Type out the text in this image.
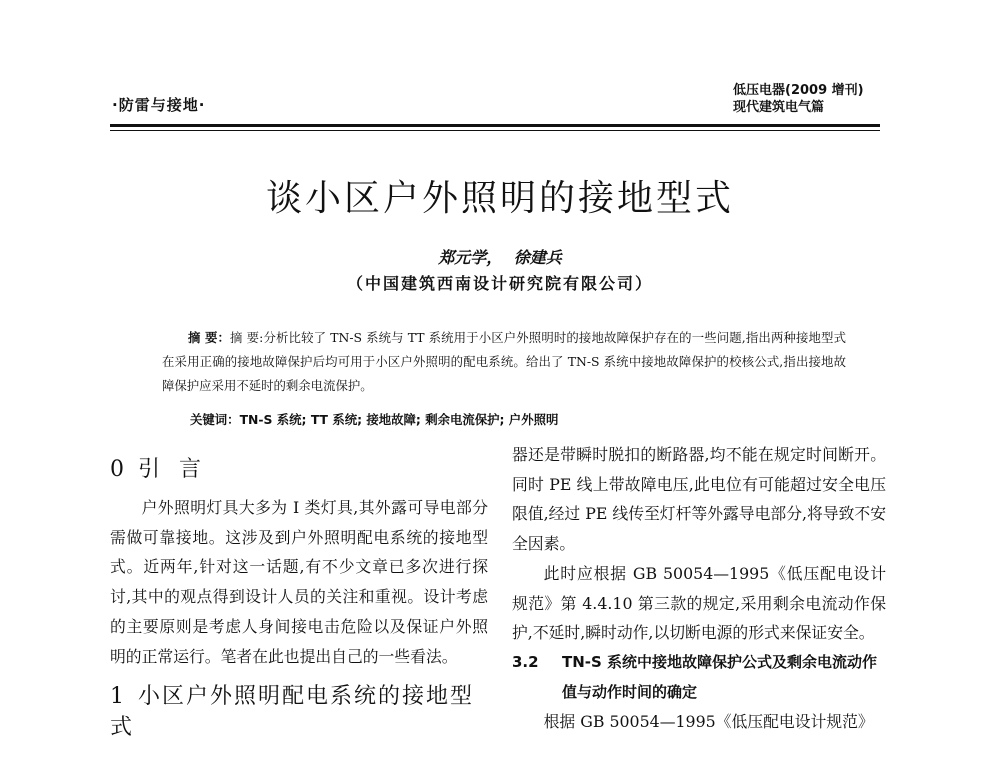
·防雷与接地·
低压电器(2009 增刊)
现代建筑电气篇
谈小区户外照明的接地型式
郑元学， 徐建兵
（中国建筑西南设计研究院有限公司）
摘 要：摘 要:分析比较了 TN-S 系统与 TT 系统用于小区户外照明时的接地故障保护存在的一些问题,指出两种接地型式在采用正确的接地故障保护后均可用于小区户外照明的配电系统。给出了 TN-S 系统中接地故障保护的校核公式,指出接地故障保护应采用不延时的剩余电流保护。
关键词：TN-S 系统; TT 系统; 接地故障; 剩余电流保护; 户外照明
0 引 言

户外照明灯具大多为 I 类灯具,其外露可导电部分需做可靠接地。这涉及到户外照明配电系统的接地型式。近两年,针对这一话题,有不少文章已多次进行探讨,其中的观点得到设计人员的关注和重视。设计考虑的主要原则是考虑人身间接电击危险以及保证户外照明的正常运行。笔者在此也提出自己的一些看法。

1 小区户外照明配电系统的接地型式

器还是带瞬时脱扣的断路器,均不能在规定时间断开。同时 PE 线上带故障电压,此电位有可能超过安全电压限值,经过 PE 线传至灯杆等外露导电部分,将导致不安全因素。

此时应根据 GB 50054—1995《低压配电设计规范》第 4.4.10 第三款的规定,采用剩余电流动作保护,不延时,瞬时动作,以切断电源的形式来保证安全。

3.2	TN-S 系统中接地故障保护公式及剩余电流动作值与动作时间的确定

根据 GB 50054—1995《低压配电设计规范》
